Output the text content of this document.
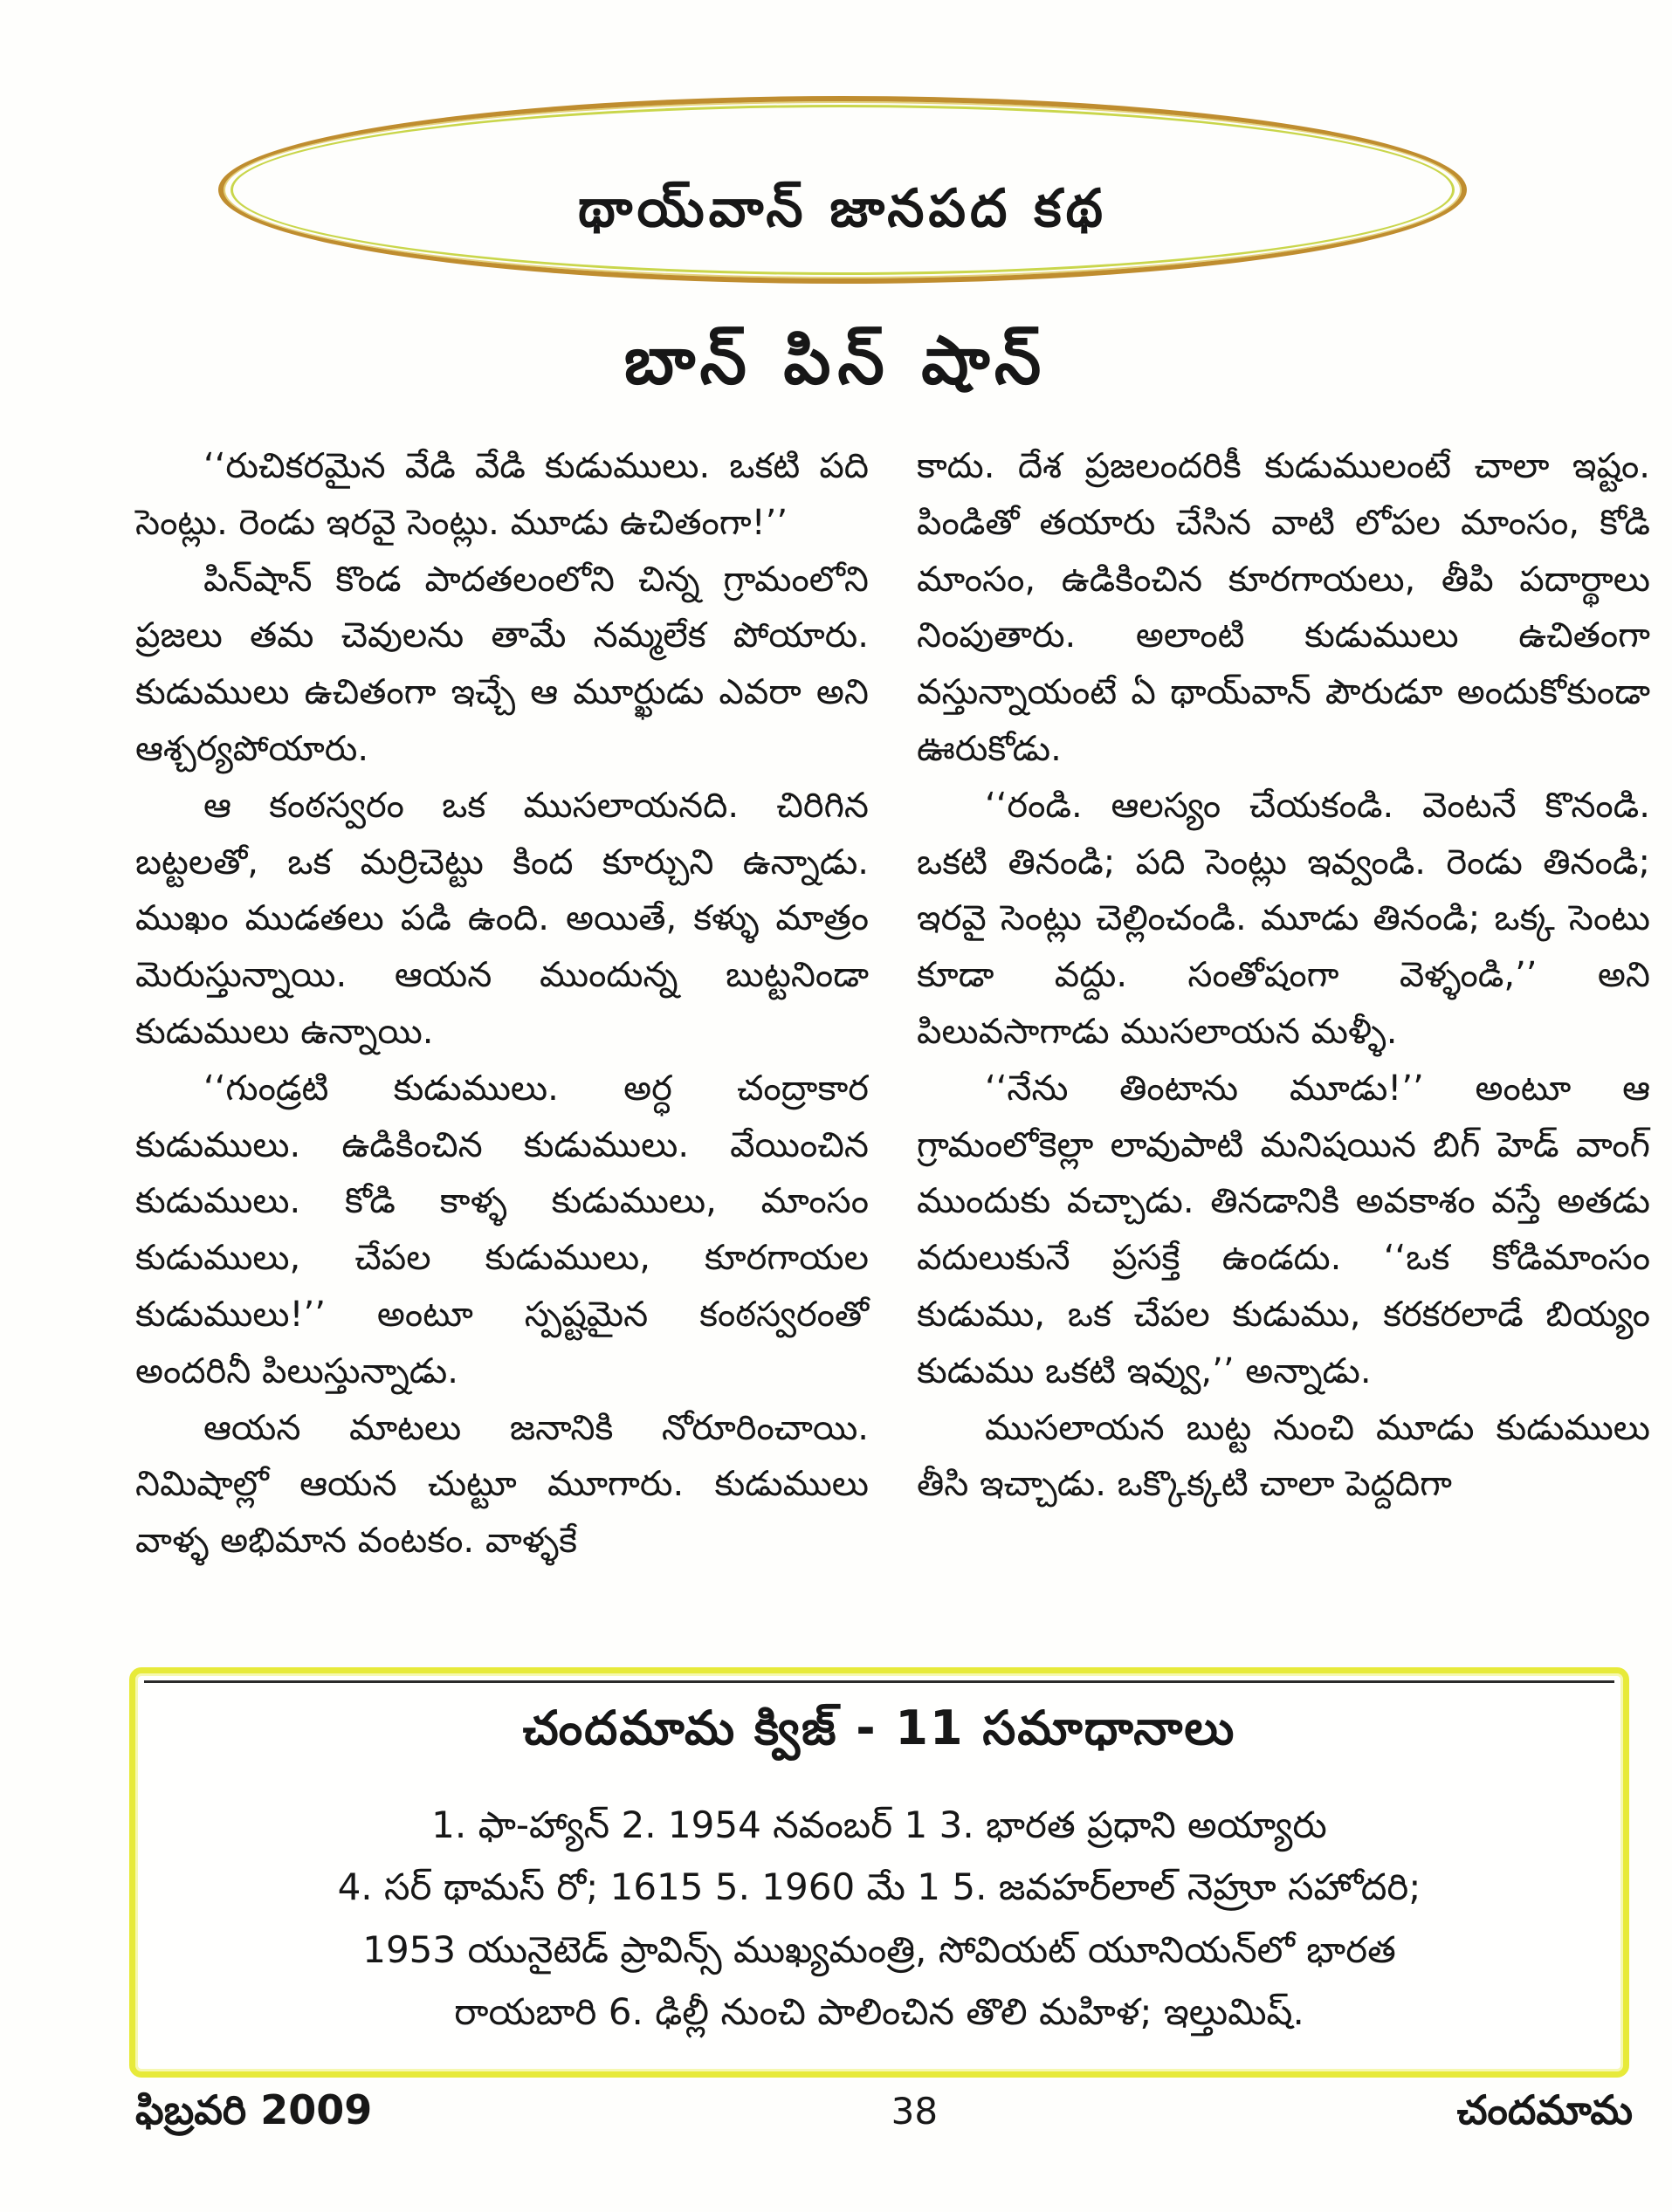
థాయ్‌వాన్ జానపద కథ
బాన్ పిన్ షాన్

‘‘రుచికరమైన వేడి వేడి కుడుములు. ఒకటి పది సెంట్లు. రెండు ఇరవై సెంట్లు. మూడు ఉచితంగా!’’

పిన్‌షాన్ కొండ పాదతలంలోని చిన్న గ్రామంలోని ప్రజలు తమ చెవులను తామే నమ్మలేక పోయారు. కుడుములు ఉచితంగా ఇచ్చే ఆ మూర్ఖుడు ఎవరా అని ఆశ్చర్యపోయారు.

ఆ కంఠస్వరం ఒక ముసలాయనది. చిరిగిన బట్టలతో, ఒక మర్రిచెట్టు కింద కూర్చుని ఉన్నాడు. ముఖం ముడతలు పడి ఉంది. అయితే, కళ్ళు మాత్రం మెరుస్తున్నాయి. ఆయన ముందున్న బుట్టనిండా కుడుములు ఉన్నాయి.

‘‘గుండ్రటి కుడుములు. అర్ధ చంద్రాకార కుడుములు. ఉడికించిన కుడుములు. వేయించిన కుడుములు. కోడి కాళ్ళ కుడుములు, మాంసం కుడుములు, చేపల కుడుములు, కూరగాయల కుడుములు!’’ అంటూ స్పష్టమైన కంఠస్వరంతో అందరినీ పిలుస్తున్నాడు.

ఆయన మాటలు జనానికి నోరూరించాయి. నిమిషాల్లో ఆయన చుట్టూ మూగారు. కుడుములు వాళ్ళ అభిమాన వంటకం. వాళ్ళకే

కాదు. దేశ ప్రజలందరికీ కుడుములంటే చాలా ఇష్టం. పిండితో తయారు చేసిన వాటి లోపల మాంసం, కోడి మాంసం, ఉడికించిన కూరగాయలు, తీపి పదార్థాలు నింపుతారు. అలాంటి కుడుములు ఉచితంగా వస్తున్నాయంటే ఏ థాయ్‌వాన్ పౌరుడూ అందుకోకుండా ఊరుకోడు.

‘‘రండి. ఆలస్యం చేయకండి. వెంటనే కొనండి. ఒకటి తినండి; పది సెంట్లు ఇవ్వండి. రెండు తినండి; ఇరవై సెంట్లు చెల్లించండి. మూడు తినండి; ఒక్క సెంటు కూడా వద్దు. సంతోషంగా వెళ్ళండి,’’ అని పిలువసాగాడు ముసలాయన మళ్ళీ.

‘‘నేను తింటాను మూడు!’’ అంటూ ఆ గ్రామంలోకెల్లా లావుపాటి మనిషయిన బిగ్ హెడ్ వాంగ్ ముందుకు వచ్చాడు. తినడానికి అవకాశం వస్తే అతడు వదులుకునే ప్రసక్తే ఉండదు. ‘‘ఒక కోడిమాంసం కుడుము, ఒక చేపల కుడుము, కరకరలాడే బియ్యం కుడుము ఒకటి ఇవ్వు,’’ అన్నాడు.

ముసలాయన బుట్ట నుంచి మూడు కుడుములు తీసి ఇచ్చాడు. ఒక్కొక్కటి చాలా పెద్దదిగా

చందమామ క్విజ్ - 11 సమాధానాలు
1. ఫా-హ్యాన్ 2. 1954 నవంబర్ 1 3. భారత ప్రధాని అయ్యారు
4. సర్ థామస్ రో; 1615 5. 1960 మే 1 5. జవహర్‌లాల్ నెహ్రూ సహోదరి;
1953 యునైటెడ్ ప్రావిన్స్ ముఖ్యమంత్రి, సోవియట్ యూనియన్‌లో భారత
రాయబారి 6. ఢిల్లీ నుంచి పాలించిన తొలి మహిళ; ఇల్తుమిష్.
ఫిబ్రవరి 2009	38	చందమామ
